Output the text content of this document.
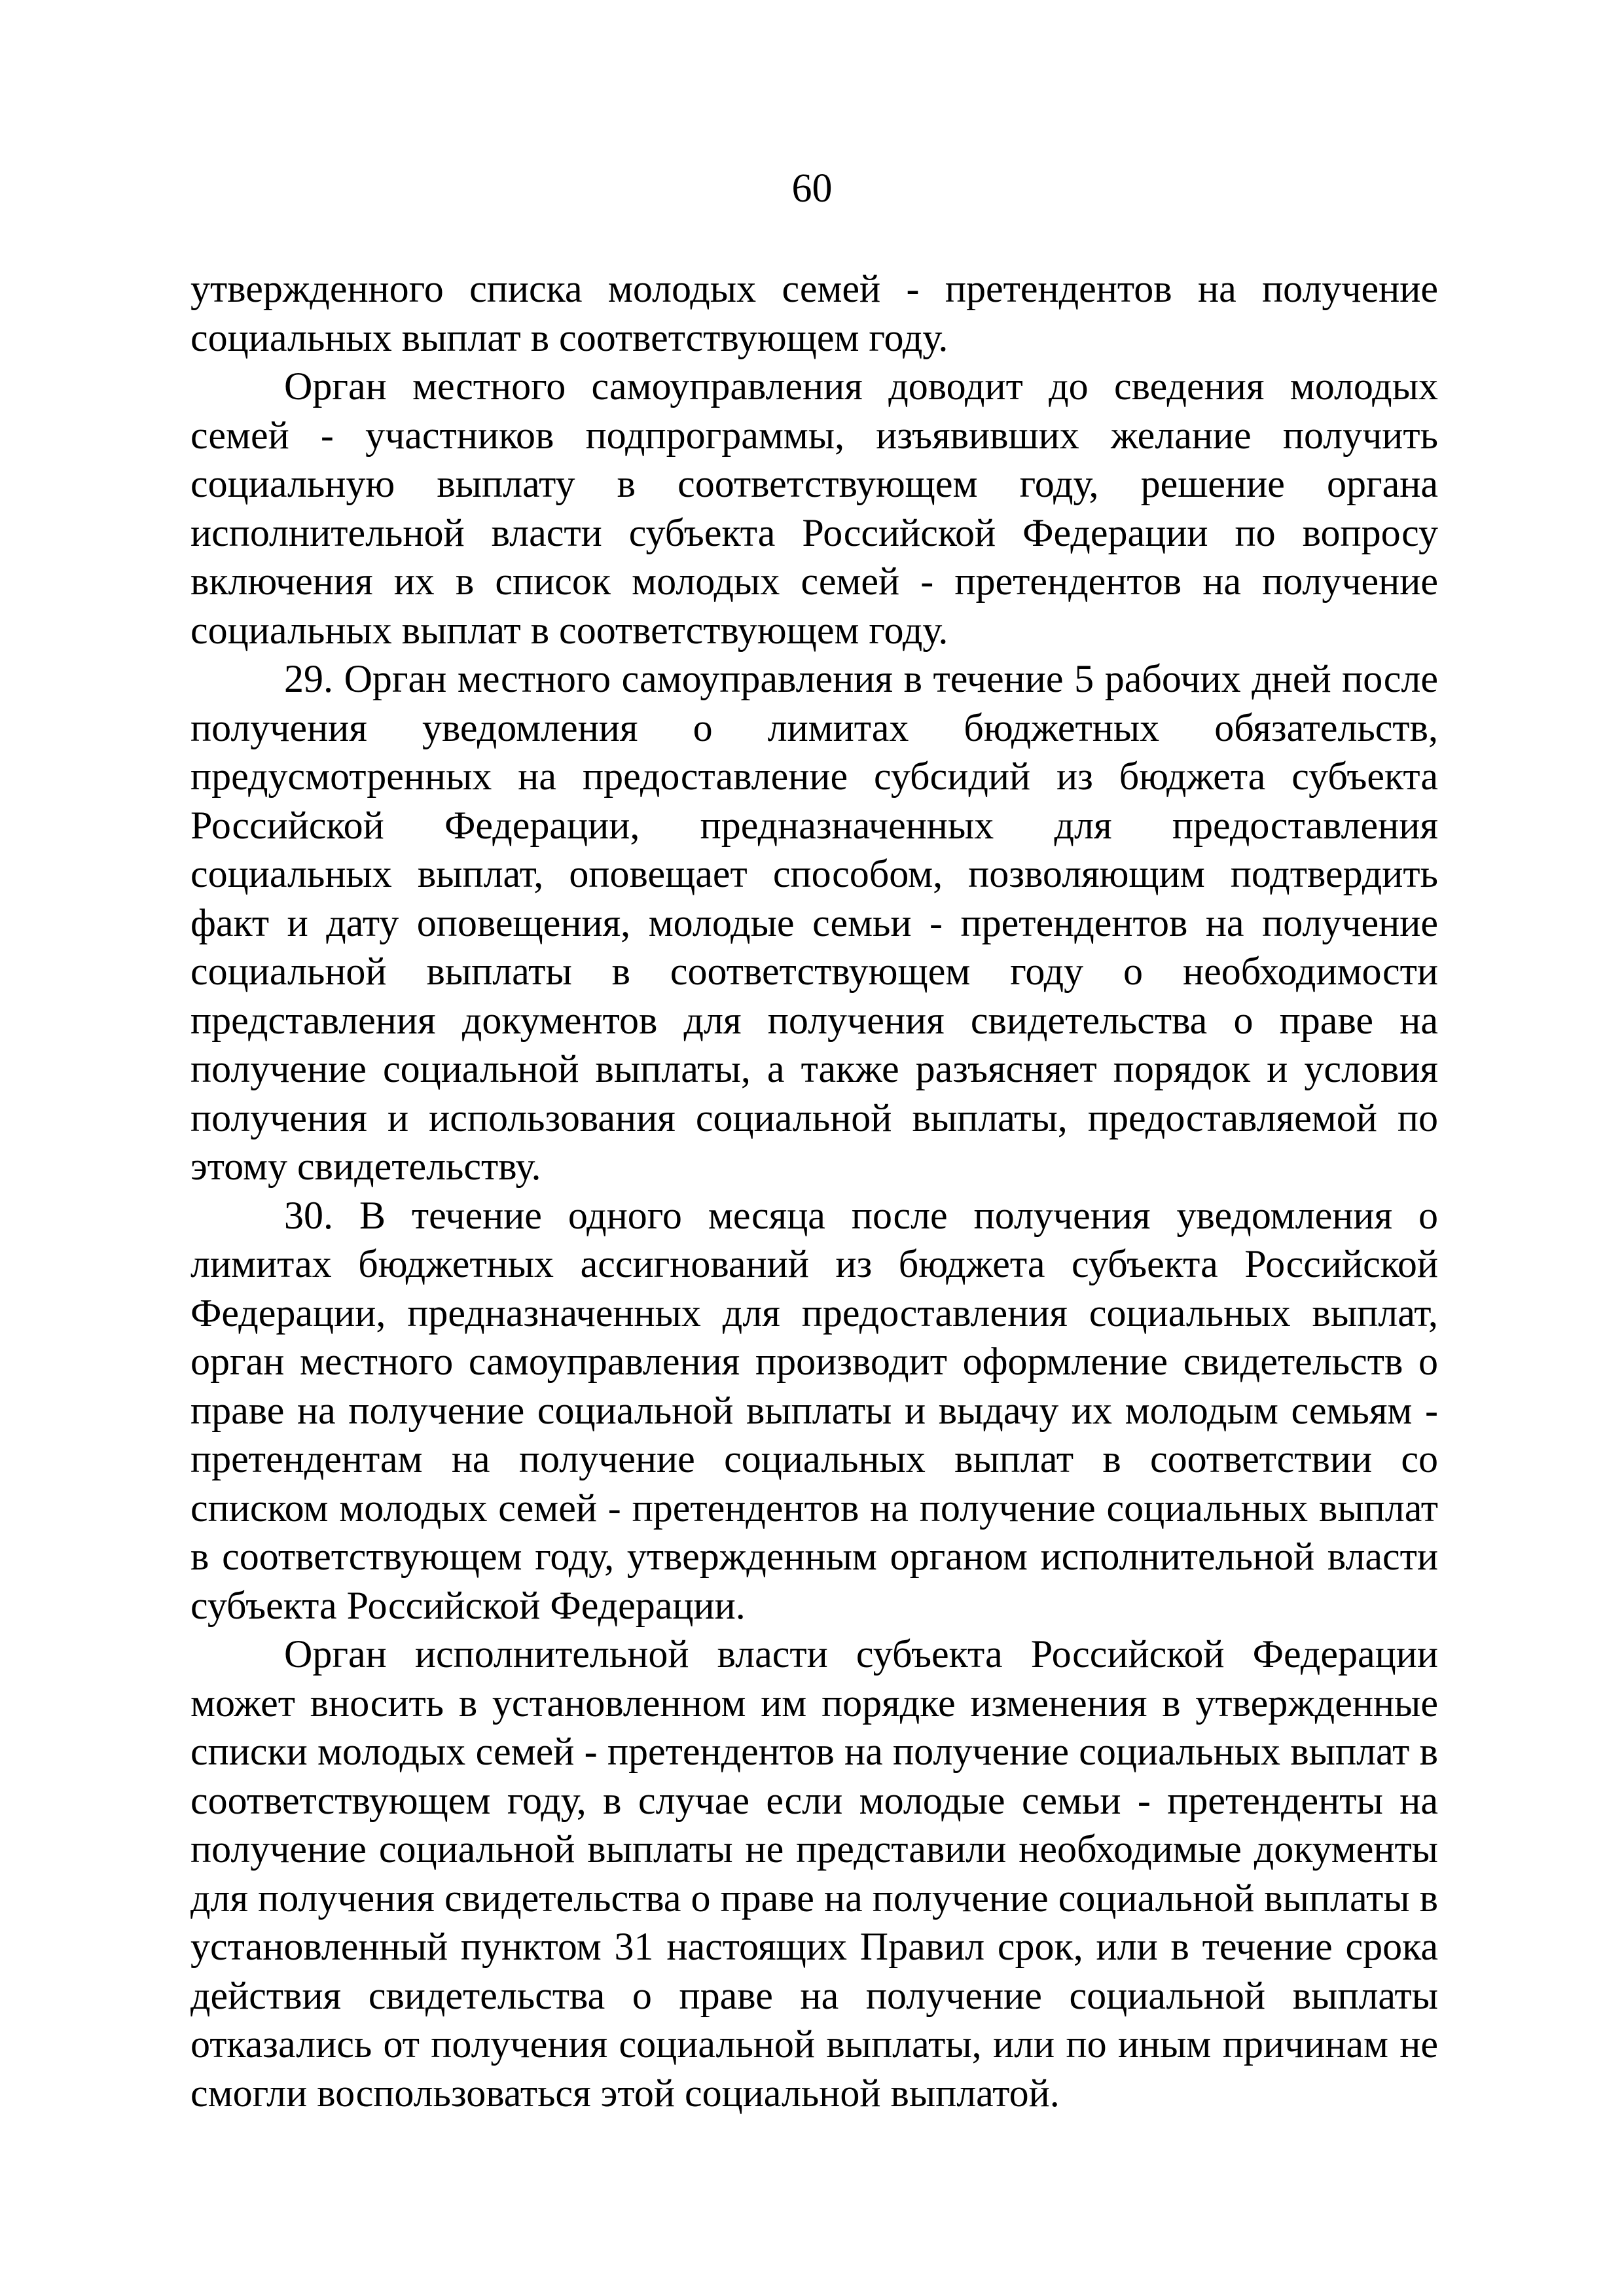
60

утвержденного списка молодых семей - претендентов на получение социальных выплат в соответствующем году.

Орган местного самоуправления доводит до сведения молодых семей - участников подпрограммы, изъявивших желание получить социальную выплату в соответствующем году, решение органа исполнительной власти субъекта Российской Федерации по вопросу включения их в список молодых семей - претендентов на получение социальных выплат в соответствующем году.

29. Орган местного самоуправления в течение 5 рабочих дней после получения уведомления о лимитах бюджетных обязательств, предусмотренных на предоставление субсидий из бюджета субъекта Российской Федерации, предназначенных для предоставления социальных выплат, оповещает способом, позволяющим подтвердить факт и дату оповещения, молодые семьи - претендентов на получение социальной выплаты в соответствующем году о необходимости представления документов для получения свидетельства о праве на получение социальной выплаты, а также разъясняет порядок и условия получения и использования социальной выплаты, предоставляемой по этому свидетельству.

30. В течение одного месяца после получения уведомления о лимитах бюджетных ассигнований из бюджета субъекта Российской Федерации, предназначенных для предоставления социальных выплат, орган местного самоуправления производит оформление свидетельств о праве на получение социальной выплаты и выдачу их молодым семьям - претендентам на получение социальных выплат в соответствии со списком молодых семей - претендентов на получение социальных выплат в соответствующем году, утвержденным органом исполнительной власти субъекта Российской Федерации.

Орган исполнительной власти субъекта Российской Федерации может вносить в установленном им порядке изменения в утвержденные списки молодых семей - претендентов на получение социальных выплат в соответствующем году, в случае если молодые семьи - претенденты на получение социальной выплаты не представили необходимые документы для получения свидетельства о праве на получение социальной выплаты в установленный пунктом 31 настоящих Правил срок, или в течение срока действия свидетельства о праве на получение социальной выплаты отказались от получения социальной выплаты, или по иным причинам не смогли воспользоваться этой социальной выплатой.
